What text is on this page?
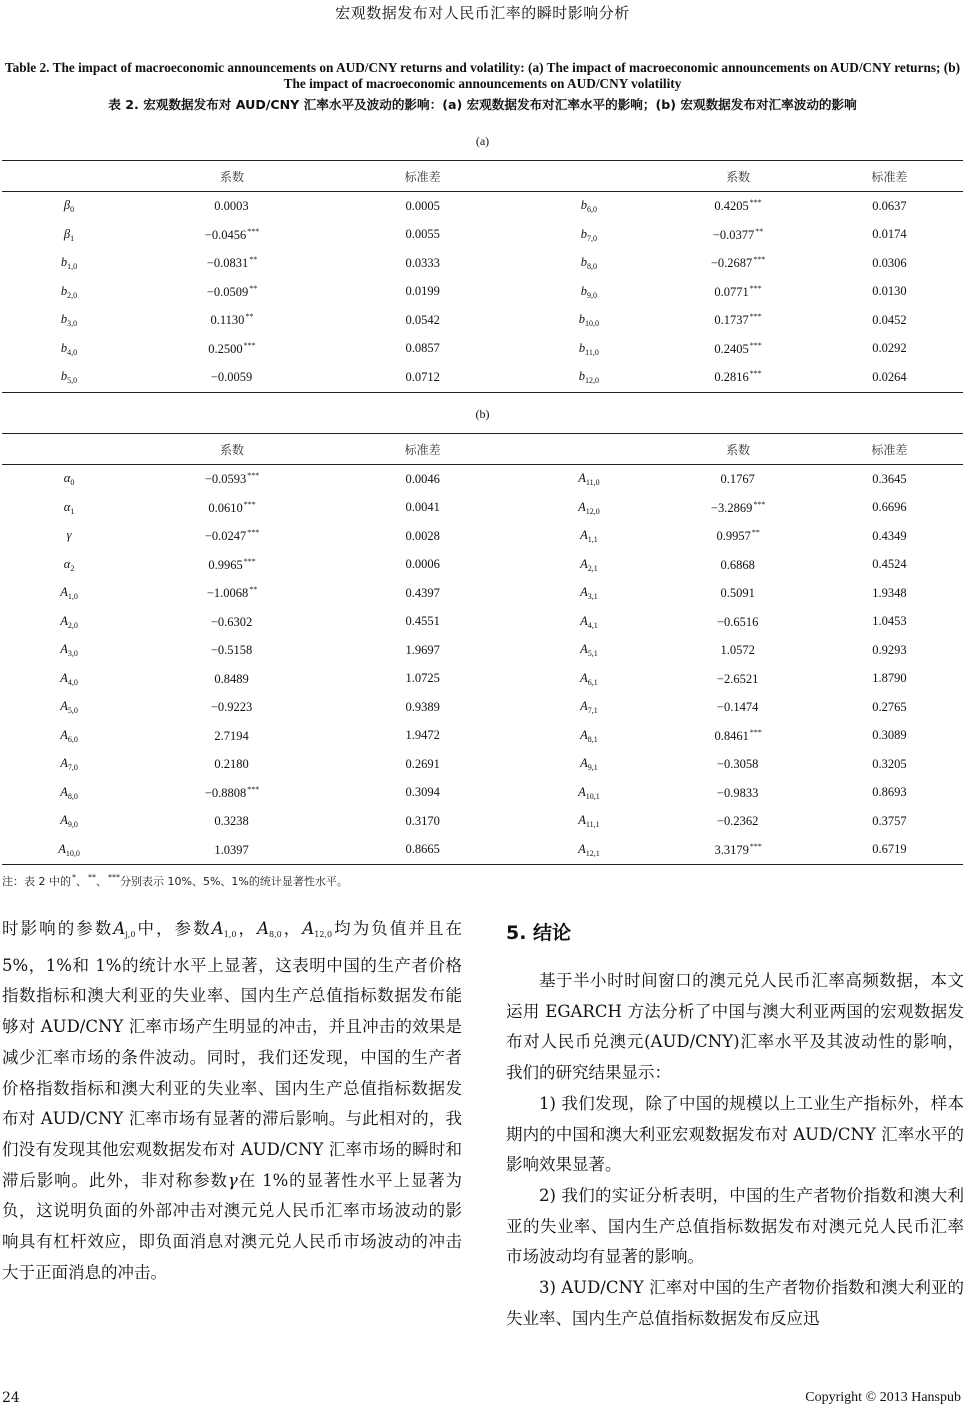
宏观数据发布对人民币汇率的瞬时影响分析
Table 2. The impact of macroeconomic announcements on AUD/CNY returns and volatility: (a) The impact of macroeconomic announcements on AUD/CNY returns; (b) The impact of macroeconomic announcements on AUD/CNY volatility
表 2. 宏观数据发布对 AUD/CNY 汇率水平及波动的影响：(a) 宏观数据发布对汇率水平的影响；(b) 宏观数据发布对汇率波动的影响
(a)
	系数	标准差		系数	标准差
$\beta_0$	0.0003	0.0005	$b_{6,0}$	0.4205***	0.0637
$\beta_1$	−0.0456***	0.0055	$b_{7,0}$	−0.0377**	0.0174
$b_{1,0}$	−0.0831**	0.0333	$b_{8,0}$	−0.2687***	0.0306
$b_{2,0}$	−0.0509**	0.0199	$b_{9,0}$	0.0771***	0.0130
$b_{3,0}$	0.1130**	0.0542	$b_{10,0}$	0.1737***	0.0452
$b_{4,0}$	0.2500***	0.0857	$b_{11,0}$	0.2405***	0.0292
$b_{5,0}$	−0.0059	0.0712	$b_{12,0}$	0.2816***	0.0264
(b)
	系数	标准差		系数	标准差
$\alpha_0$	−0.0593***	0.0046	$A_{11,0}$	0.1767	0.3645
$\alpha_1$	0.0610***	0.0041	$A_{12,0}$	−3.2869***	0.6696
γ	−0.0247***	0.0028	$A_{1,1}$	0.9957**	0.4349
$\alpha_2$	0.9965***	0.0006	$A_{2,1}$	0.6868	0.4524
$A_{1,0}$	−1.0068**	0.4397	$A_{3,1}$	0.5091	1.9348
$A_{2,0}$	−0.6302	0.4551	$A_{4,1}$	−0.6516	1.0453
$A_{3,0}$	−0.5158	1.9697	$A_{5,1}$	1.0572	0.9293
$A_{4,0}$	0.8489	1.0725	$A_{6,1}$	−2.6521	1.8790
$A_{5,0}$	−0.9223	0.9389	$A_{7,1}$	−0.1474	0.2765
$A_{6,0}$	2.7194	1.9472	$A_{8,1}$	0.8461***	0.3089
$A_{7,0}$	0.2180	0.2691	$A_{9,1}$	−0.3058	0.3205
$A_{8,0}$	−0.8808***	0.3094	$A_{10,1}$	−0.9833	0.8693
$A_{9,0}$	0.3238	0.3170	$A_{11,1}$	−0.2362	0.3757
$A_{10,0}$	1.0397	0.8665	$A_{12,1}$	3.3179***	0.6719
注：表 2 中的*、**、***分别表示 10%、5%、1%的统计显著性水平。

时影响的参数$A_{j,0}$中，参数$A_{1,0}$，$A_{8,0}$，$A_{12,0}$均为负值并且在 5%，1%和 1%的统计水平上显著，这表明中国的生产者价格指数指标和澳大利亚的失业率、国内生产总值指标数据发布能够对 AUD/CNY 汇率市场产生明显的冲击，并且冲击的效果是减少汇率市场的条件波动。同时，我们还发现，中国的生产者价格指数指标和澳大利亚的失业率、国内生产总值指标数据发布对 AUD/CNY 汇率市场有显著的滞后影响。与此相对的，我们没有发现其他宏观数据发布对 AUD/CNY 汇率市场的瞬时和滞后影响。此外，非对称参数γ在 1%的显著性水平上显著为负，这说明负面的外部冲击对澳元兑人民币汇率市场波动的影响具有杠杆效应，即负面消息对澳元兑人民币市场波动的冲击大于正面消息的冲击。

5. 结论

基于半小时时间窗口的澳元兑人民币汇率高频数据，本文运用 EGARCH 方法分析了中国与澳大利亚两国的宏观数据发布对人民币兑澳元(AUD/CNY)汇率水平及其波动性的影响，我们的研究结果显示：

1) 我们发现，除了中国的规模以上工业生产指标外，样本期内的中国和澳大利亚宏观数据发布对 AUD/CNY 汇率水平的影响效果显著。

2) 我们的实证分析表明，中国的生产者物价指数和澳大利亚的失业率、国内生产总值指标数据发布对澳元兑人民币汇率市场波动均有显著的影响。

3) AUD/CNY 汇率对中国的生产者物价指数和澳大利亚的失业率、国内生产总值指标数据发布反应迅

24	Copyright © 2013 Hanspub
